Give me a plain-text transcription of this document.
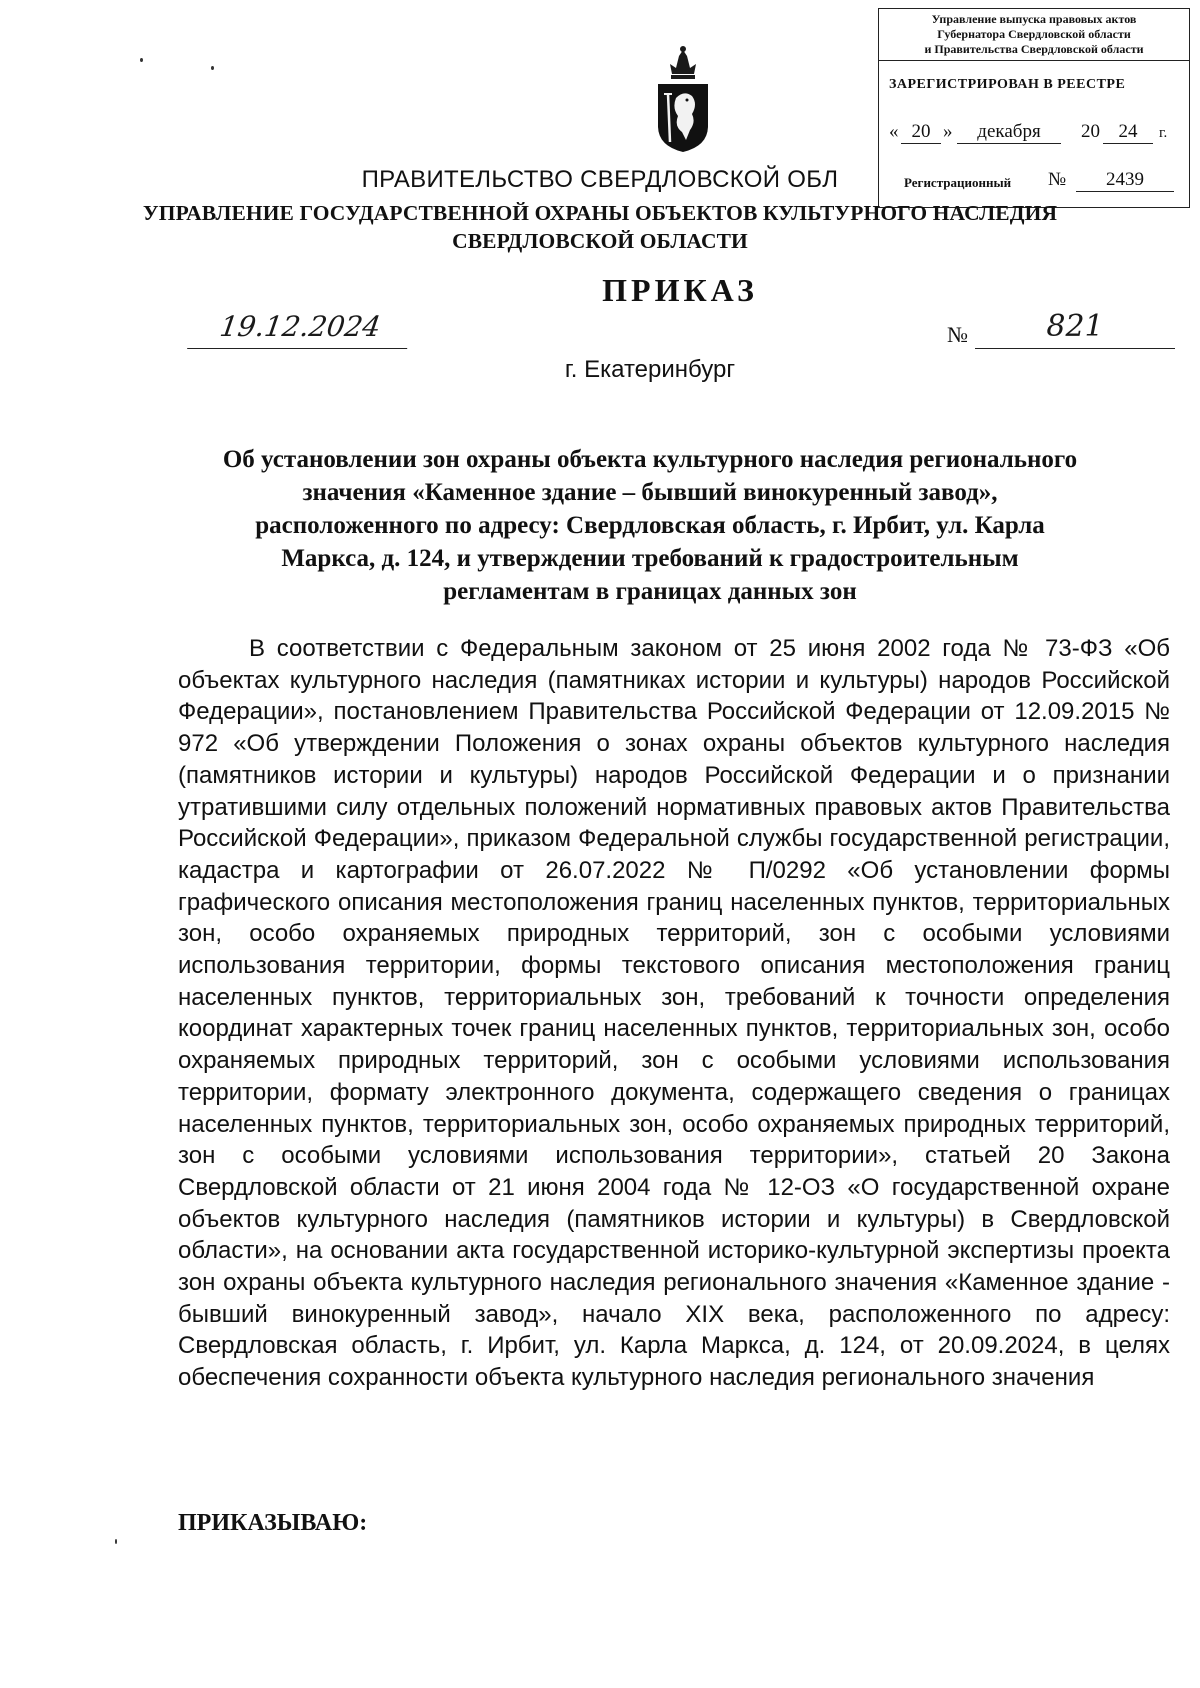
Управление выпуска правовых актов
Губернатора Свердловской области
и Правительства Свердловской области
ЗАРЕГИСТРИРОВАН В РЕЕСТРЕ
« 20 »	декабря	20 24	г.
Регистрационный №	2439
ПРАВИТЕЛЬСТВО СВЕРДЛОВСКОЙ ОБЛ
УПРАВЛЕНИЕ ГОСУДАРСТВЕННОЙ ОХРАНЫ ОБЪЕКТОВ КУЛЬТУРНОГО НАСЛЕДИЯ
СВЕРДЛОВСКОЙ ОБЛАСТИ
ПРИКАЗ
19.12.2024	№	821
г. Екатеринбург
Об установлении зон охраны объекта культурного наследия регионального
значения «Каменное здание – бывший винокуренный завод»,
расположенного по адресу: Свердловская область, г. Ирбит, ул. Карла
Маркса, д. 124, и утверждении требований к градостроительным
регламентам в границах данных зон
В соответствии с Федеральным законом от 25 июня 2002 года № 73-ФЗ «Об объектах культурного наследия (памятниках истории и культуры) народов Российской Федерации», постановлением Правительства Российской Федерации от 12.09.2015 № 972 «Об утверждении Положения о зонах охраны объектов культурного наследия (памятников истории и культуры) народов Российской Федерации и о признании утратившими силу отдельных положений нормативных правовых актов Правительства Российской Федерации», приказом Федеральной службы государственной регистрации, кадастра и картографии от 26.07.2022 № П/0292 «Об установлении формы графического описания местоположения границ населенных пунктов, территориальных зон, особо охраняемых природных территорий, зон с особыми условиями использования территории, формы текстового описания местоположения границ населенных пунктов, территориальных зон, требований к точности определения координат характерных точек границ населенных пунктов, территориальных зон, особо охраняемых природных территорий, зон с особыми условиями использования территории, формату электронного документа, содержащего сведения о границах населенных пунктов, территориальных зон, особо охраняемых природных территорий, зон с особыми условиями использования территории», статьей 20 Закона Свердловской области от 21 июня 2004 года № 12-ОЗ «О государственной охране объектов культурного наследия (памятников истории и культуры) в Свердловской области», на основании акта государственной историко-культурной экспертизы проекта зон охраны объекта культурного наследия регионального значения «Каменное здание - бывший винокуренный завод», начало XIX века, расположенного по адресу: Свердловская область, г. Ирбит, ул. Карла Маркса, д. 124, от 20.09.2024, в целях обеспечения сохранности объекта культурного наследия регионального значения
ПРИКАЗЫВАЮ:
